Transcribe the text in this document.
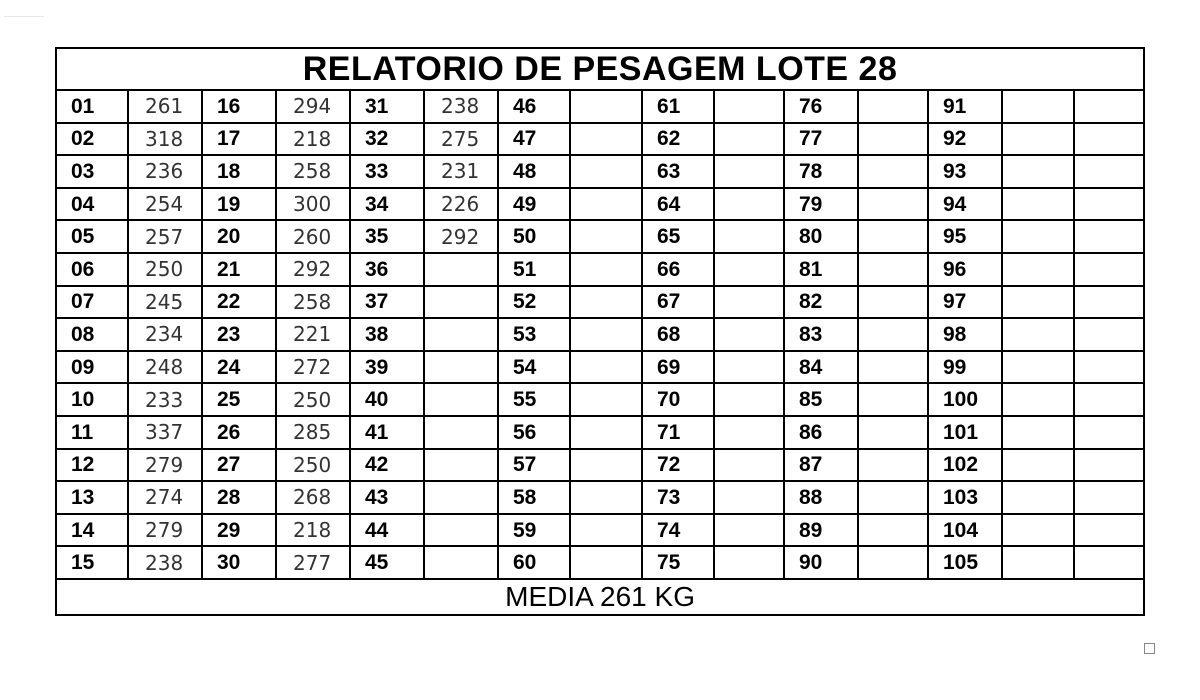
RELATORIO DE PESAGEM LOTE 28														
01	261	16	294	31	238	46		61		76		91		
02	318	17	218	32	275	47		62		77		92		
03	236	18	258	33	231	48		63		78		93		
04	254	19	300	34	226	49		64		79		94		
05	257	20	260	35	292	50		65		80		95		
06	250	21	292	36		51		66		81		96		
07	245	22	258	37		52		67		82		97		
08	234	23	221	38		53		68		83		98		
09	248	24	272	39		54		69		84		99		
10	233	25	250	40		55		70		85		100		
11	337	26	285	41		56		71		86		101		
12	279	27	250	42		57		72		87		102		
13	274	28	268	43		58		73		88		103		
14	279	29	218	44		59		74		89		104		
15	238	30	277	45		60		75		90		105		
MEDIA 261 KG														
